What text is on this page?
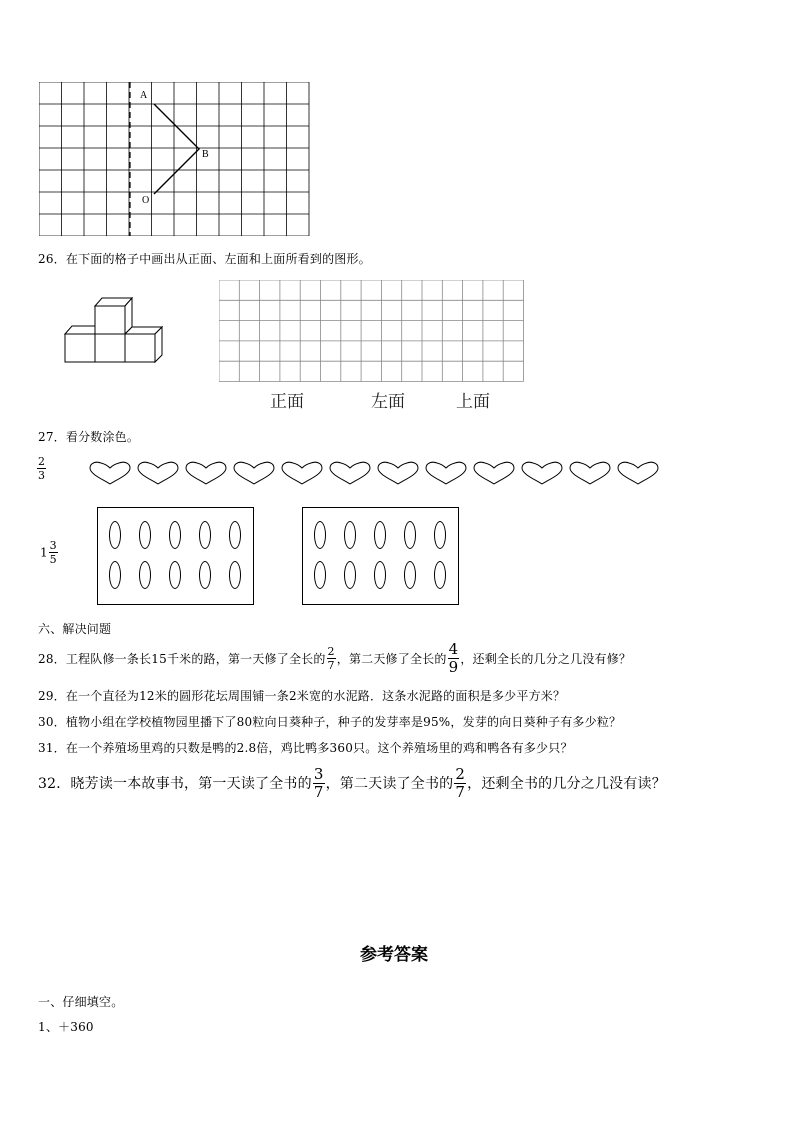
A
B
O
26．在下面的格子中画出从正面、左面和上面所看到的图形。
正面	左面	上面
27．看分数涂色。
$\frac{2}{3}$
$1 \frac{3}{5}$
六、解决问题
28．工程队修一条长15千米的路，第一天修了全长的 $\frac{2}{7}$ ，第二天修了全长的 $\frac{4}{9}$ ，还剩全长的几分之几没有修？
29．在一个直径为12米的圆形花坛周围铺一条2米宽的水泥路．这条水泥路的面积是多少平方米？
30．植物小组在学校植物园里播下了80粒向日葵种子，种子的发芽率是95%，发芽的向日葵种子有多少粒？
31．在一个养殖场里鸡的只数是鸭的2.8倍，鸡比鸭多360只。这个养殖场里的鸡和鸭各有多少只？
32．晓芳读一本故事书，第一天读了全书的 $\frac{3}{7}$ ，第二天读了全书的 $\frac{2}{7}$ ，还剩全书的几分之几没有读？
参考答案
一、仔细填空。
1、＋360
